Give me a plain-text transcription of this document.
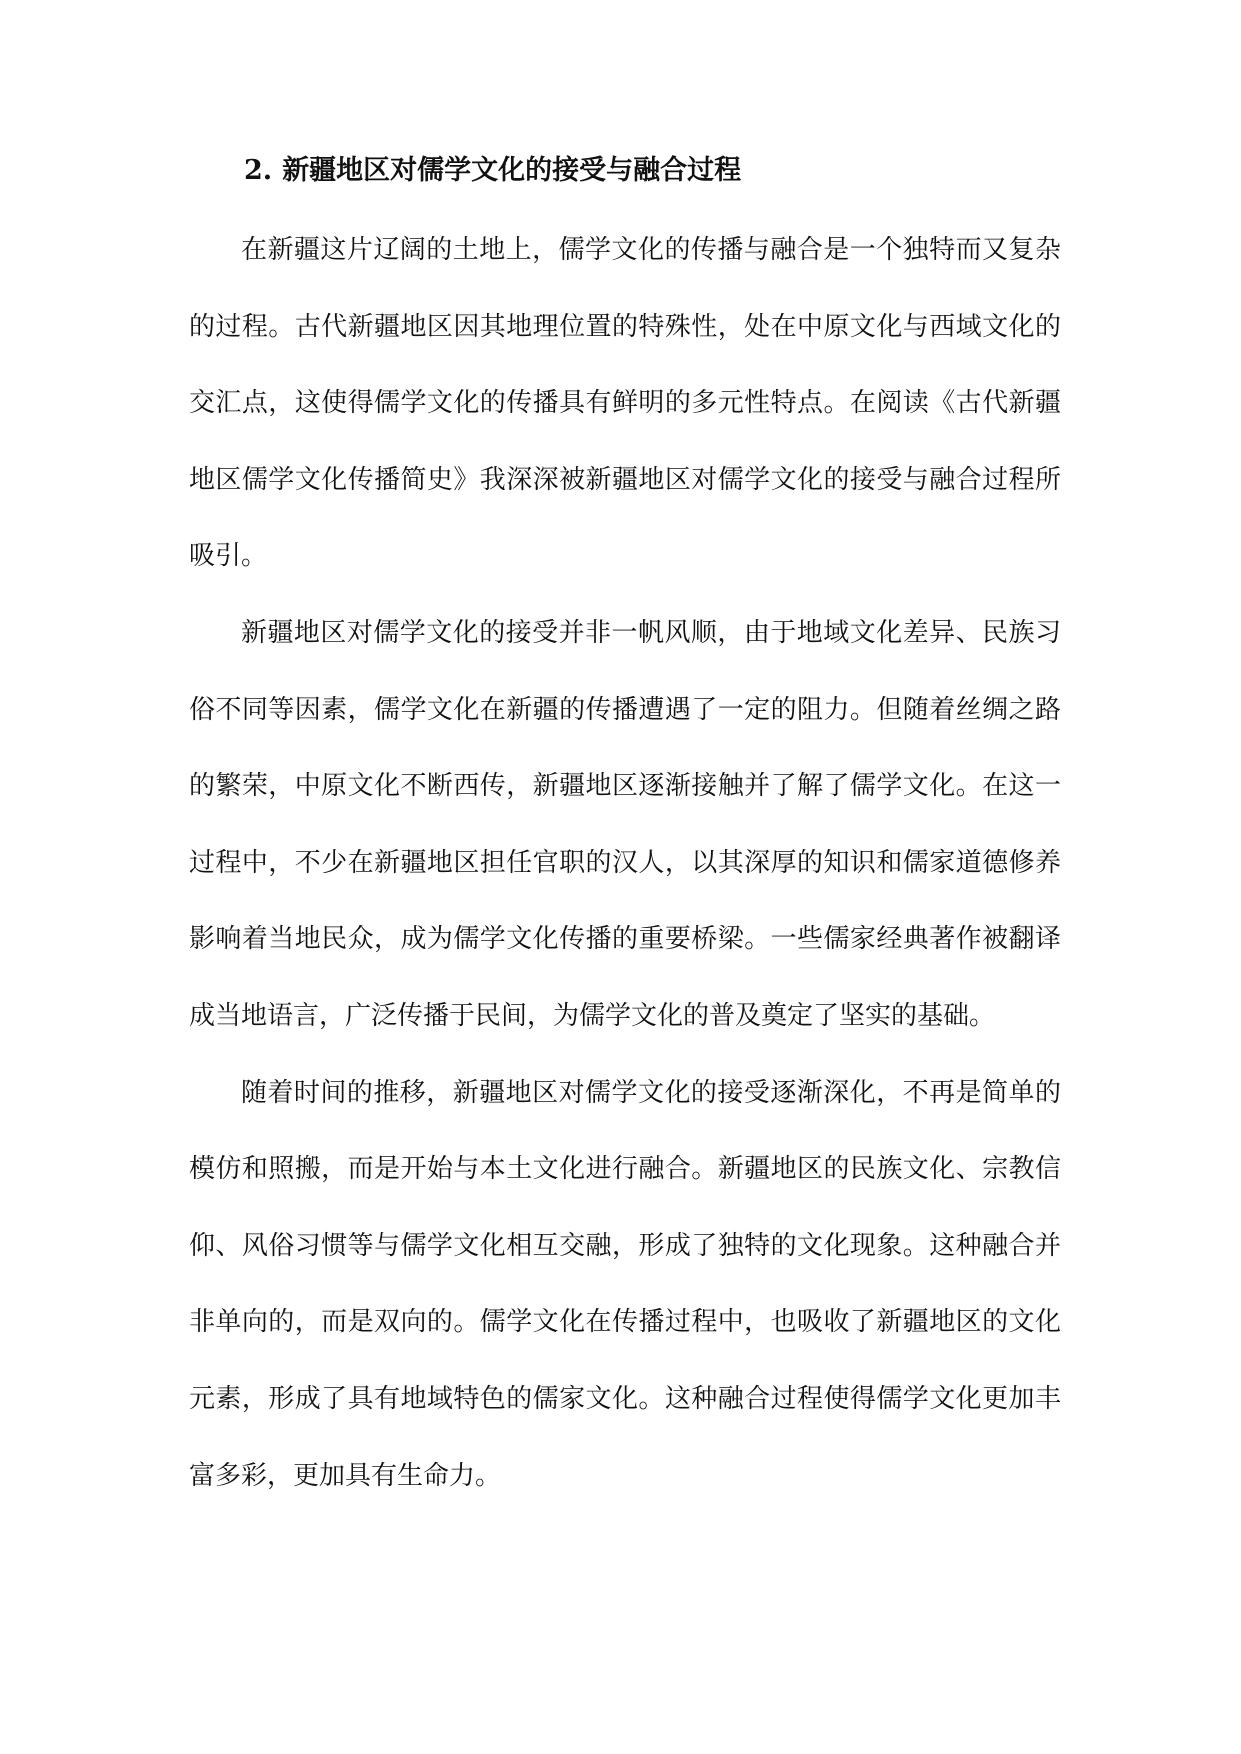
2. 新疆地区对儒学文化的接受与融合过程

在新疆这片辽阔的土地上，儒学文化的传播与融合是一个独特而又复杂的过程。古代新疆地区因其地理位置的特殊性，处在中原文化与西域文化的交汇点，这使得儒学文化的传播具有鲜明的多元性特点。在阅读《古代新疆地区儒学文化传播简史》我深深被新疆地区对儒学文化的接受与融合过程所吸引。

新疆地区对儒学文化的接受并非一帆风顺，由于地域文化差异、民族习俗不同等因素，儒学文化在新疆的传播遭遇了一定的阻力。但随着丝绸之路的繁荣，中原文化不断西传，新疆地区逐渐接触并了解了儒学文化。在这一过程中，不少在新疆地区担任官职的汉人，以其深厚的知识和儒家道德修养影响着当地民众，成为儒学文化传播的重要桥梁。一些儒家经典著作被翻译成当地语言，广泛传播于民间，为儒学文化的普及奠定了坚实的基础。

随着时间的推移，新疆地区对儒学文化的接受逐渐深化，不再是简单的模仿和照搬，而是开始与本土文化进行融合。新疆地区的民族文化、宗教信仰、风俗习惯等与儒学文化相互交融，形成了独特的文化现象。这种融合并非单向的，而是双向的。儒学文化在传播过程中，也吸收了新疆地区的文化元素，形成了具有地域特色的儒家文化。这种融合过程使得儒学文化更加丰富多彩，更加具有生命力。
